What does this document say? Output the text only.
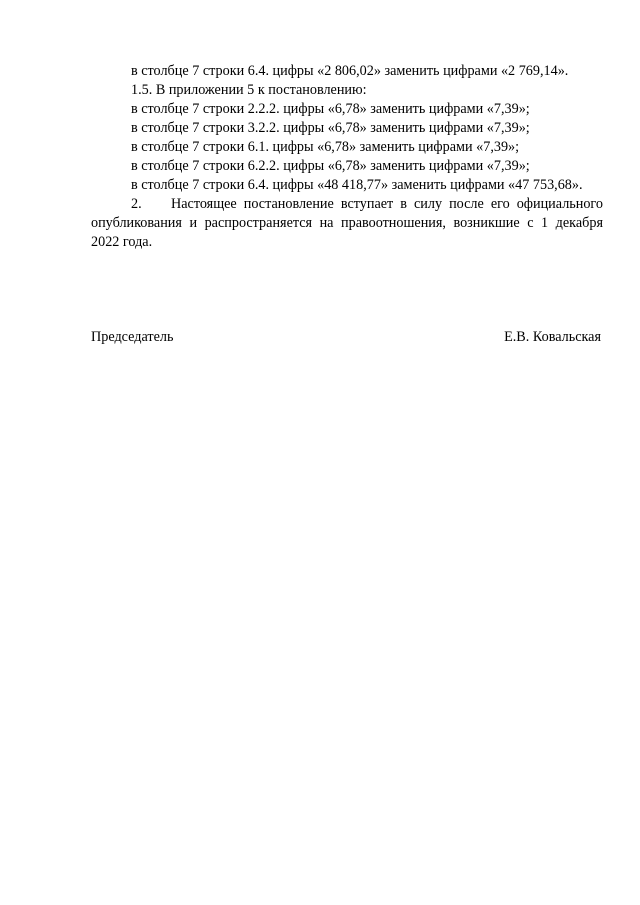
в столбце 7 строки 6.4. цифры «2 806,02» заменить цифрами «2 769,14».

1.5. В приложении 5 к постановлению:

в столбце 7 строки 2.2.2. цифры «6,78» заменить цифрами «7,39»;

в столбце 7 строки 3.2.2. цифры «6,78» заменить цифрами «7,39»;

в столбце 7 строки 6.1. цифры «6,78» заменить цифрами «7,39»;

в столбце 7 строки 6.2.2. цифры «6,78» заменить цифрами «7,39»;

в столбце 7 строки 6.4. цифры «48 418,77» заменить цифрами «47 753,68».

2. Настоящее постановление вступает в силу после его официального опубликования и распространяется на правоотношения, возникшие с 1 декабря 2022 года.

Председатель	Е.В. Ковальская
